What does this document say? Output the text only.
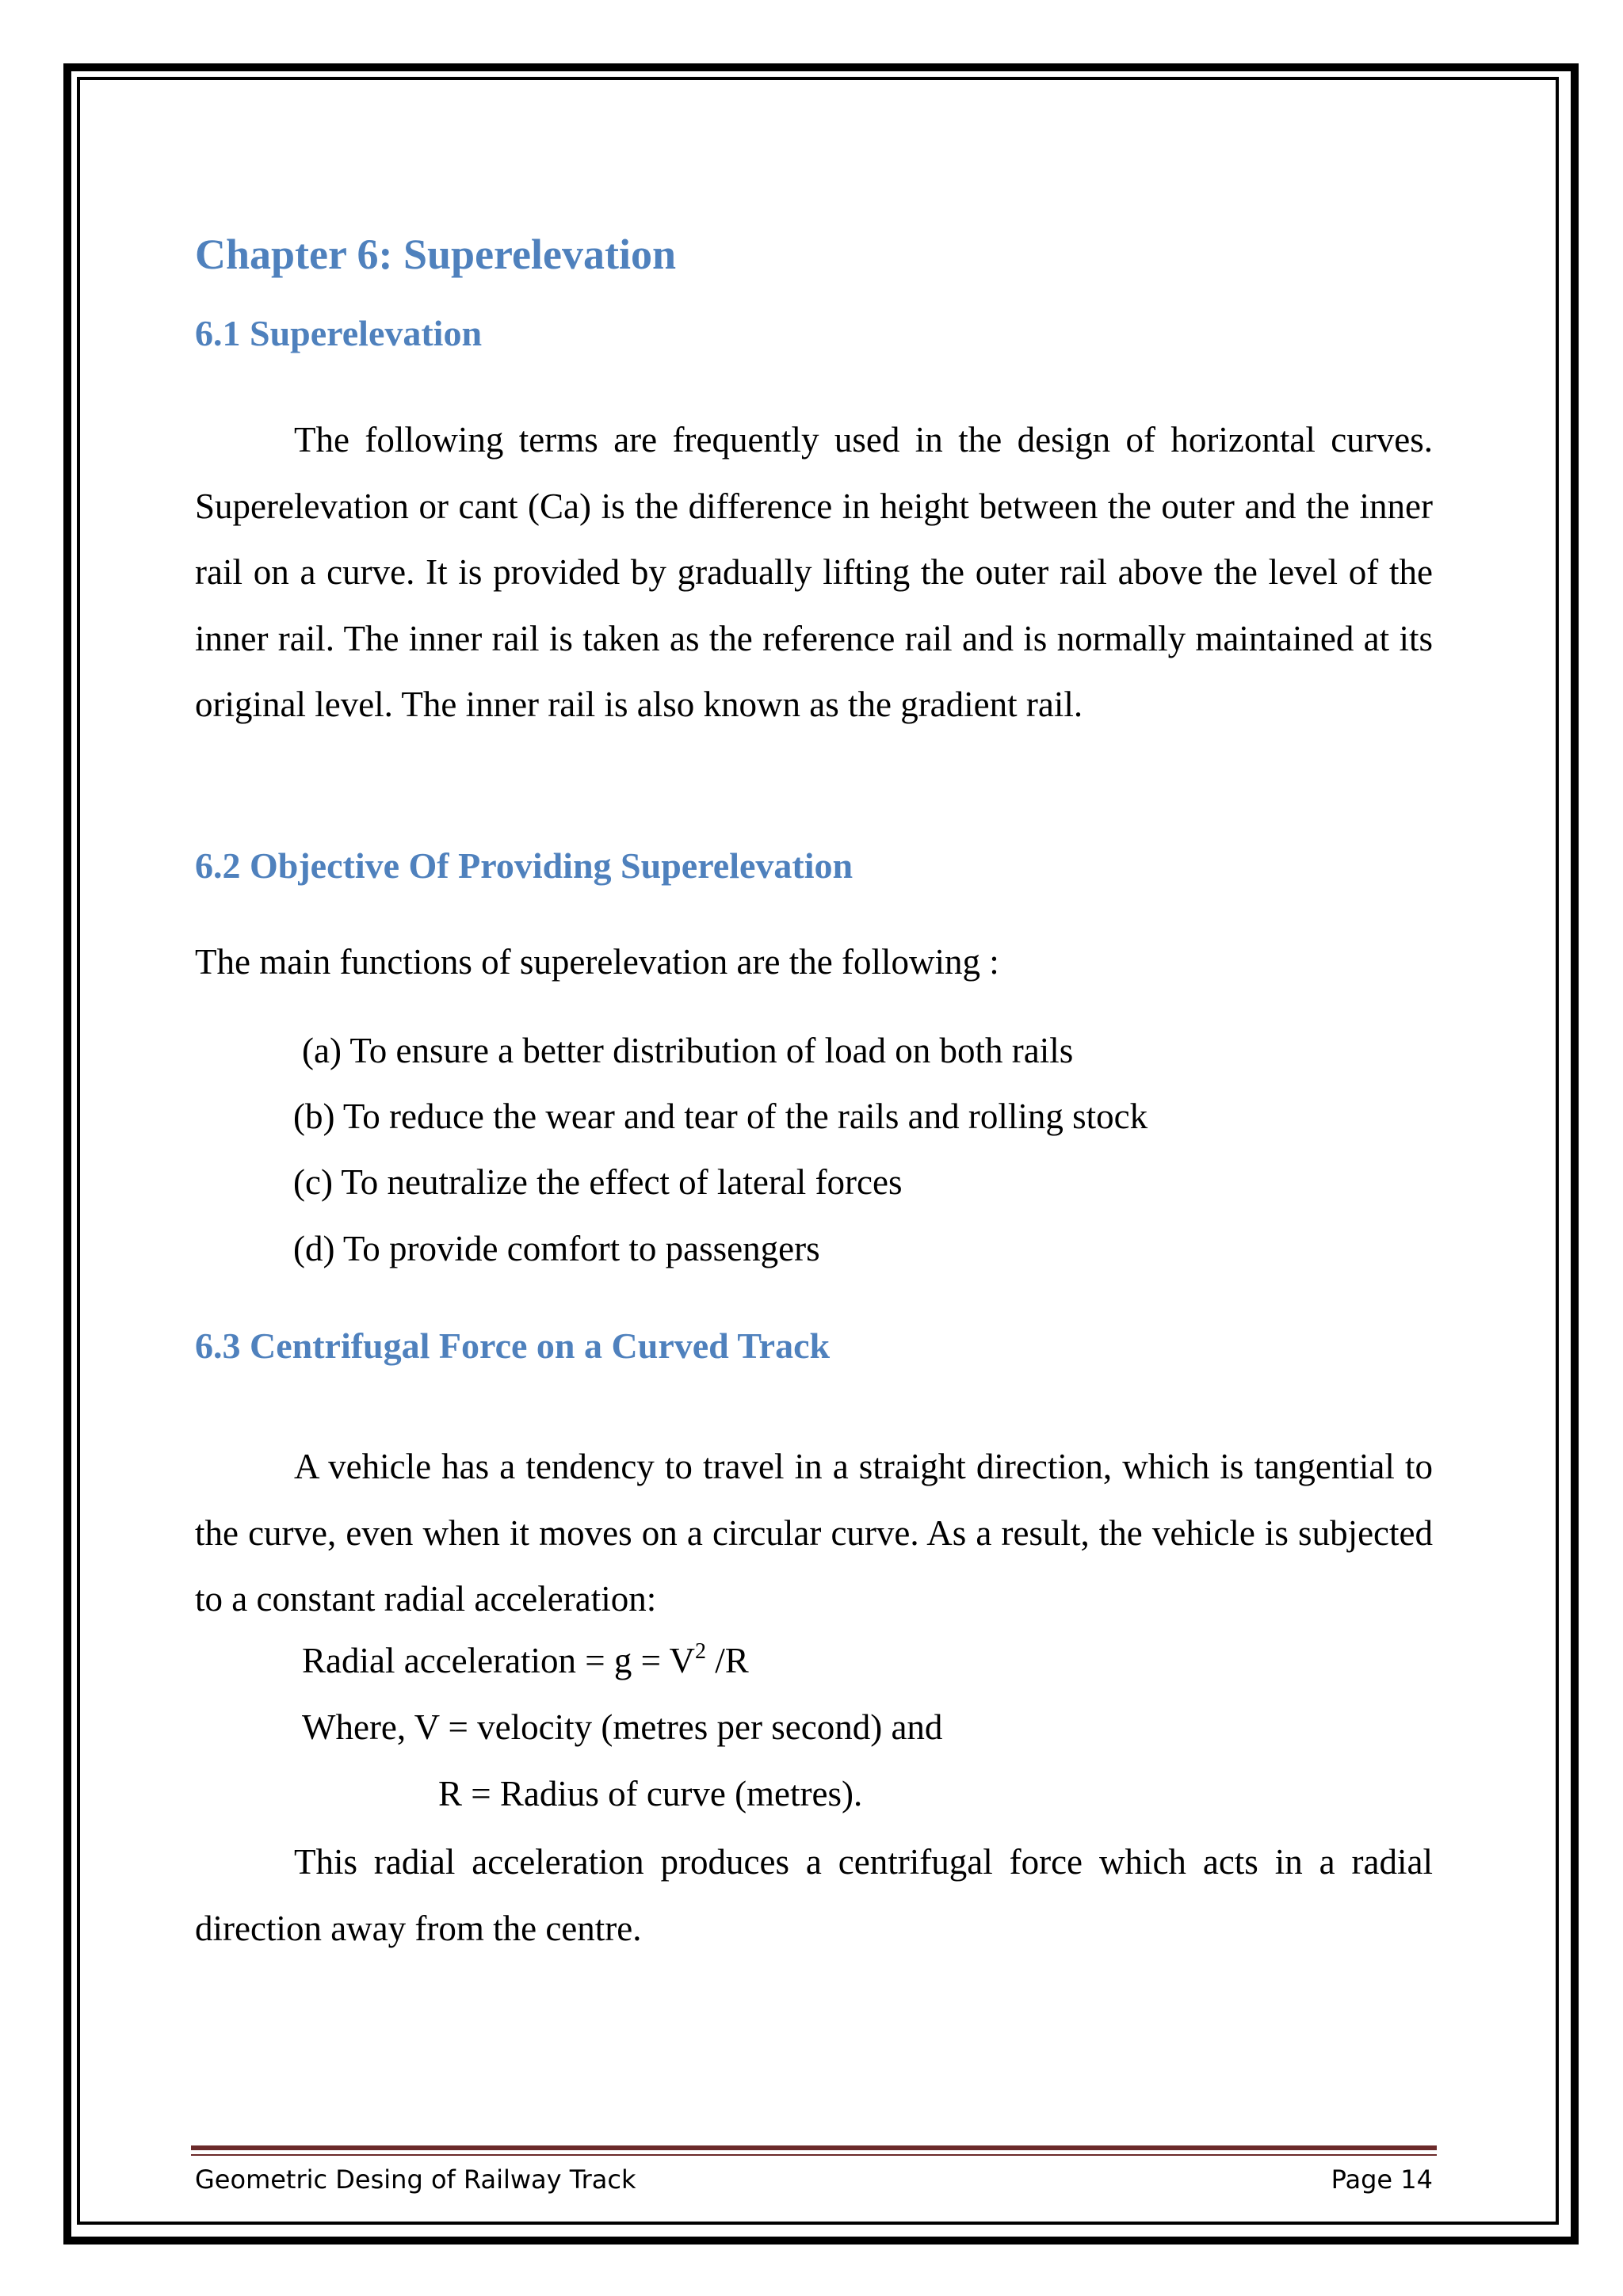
Chapter 6: Superelevation
6.1 Superelevation

The following terms are frequently used in the design of horizontal curves. Superelevation or cant (Ca) is the difference in height between the outer and the inner rail on a curve. It is provided by gradually lifting the outer rail above the level of the inner rail. The inner rail is taken as the reference rail and is normally maintained at its original level. The inner rail is also known as the gradient rail.

6.2 Objective Of Providing Superelevation

The main functions of superelevation are the following :

(a) To ensure a better distribution of load on both rails

(b) To reduce the wear and tear of the rails and rolling stock

(c) To neutralize the effect of lateral forces

(d) To provide comfort to passengers

6.3 Centrifugal Force on a Curved Track

A vehicle has a tendency to travel in a straight direction, which is tangential to the curve, even when it moves on a circular curve. As a result, the vehicle is subjected to a constant radial acceleration:

Radial acceleration = $g = V^2$ /R

Where, V = velocity (metres per second) and

R = Radius of curve (metres).

This radial acceleration produces a centrifugal force which acts in a radial direction away from the centre.

Geometric Desing of Railway Track	Page 14
